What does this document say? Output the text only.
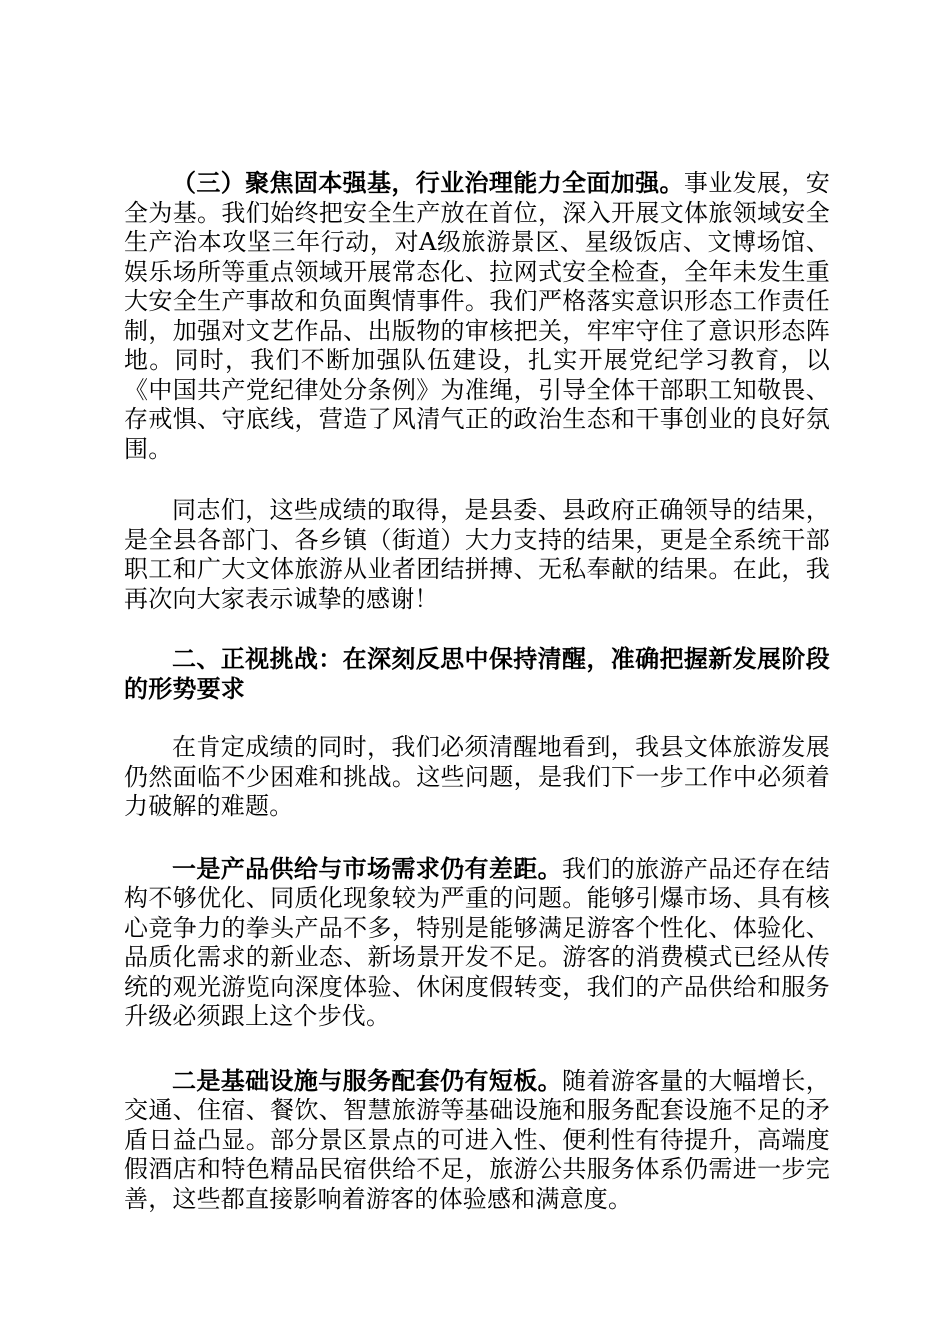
（三）聚焦固本强基，行业治理能力全面加强。事业发展，安全为基。我们始终把安全生产放在首位，深入开展文体旅领域安全生产治本攻坚三年行动，对A级旅游景区、星级饭店、文博场馆、娱乐场所等重点领域开展常态化、拉网式安全检查，全年未发生重大安全生产事故和负面舆情事件。我们严格落实意识形态工作责任制，加强对文艺作品、出版物的审核把关，牢牢守住了意识形态阵地。同时，我们不断加强队伍建设，扎实开展党纪学习教育，以《中国共产党纪律处分条例》为准绳，引导全体干部职工知敬畏、存戒惧、守底线，营造了风清气正的政治生态和干事创业的良好氛围。

同志们，这些成绩的取得，是县委、县政府正确领导的结果，是全县各部门、各乡镇（街道）大力支持的结果，更是全系统干部职工和广大文体旅游从业者团结拼搏、无私奉献的结果。在此，我再次向大家表示诚挚的感谢！

二、正视挑战：在深刻反思中保持清醒，准确把握新发展阶段的形势要求

在肯定成绩的同时，我们必须清醒地看到，我县文体旅游发展仍然面临不少困难和挑战。这些问题，是我们下一步工作中必须着力破解的难题。

一是产品供给与市场需求仍有差距。我们的旅游产品还存在结构不够优化、同质化现象较为严重的问题。能够引爆市场、具有核心竞争力的拳头产品不多，特别是能够满足游客个性化、体验化、品质化需求的新业态、新场景开发不足。游客的消费模式已经从传统的观光游览向深度体验、休闲度假转变，我们的产品供给和服务升级必须跟上这个步伐。

二是基础设施与服务配套仍有短板。随着游客量的大幅增长，交通、住宿、餐饮、智慧旅游等基础设施和服务配套设施不足的矛盾日益凸显。部分景区景点的可进入性、便利性有待提升，高端度假酒店和特色精品民宿供给不足，旅游公共服务体系仍需进一步完善，这些都直接影响着游客的体验感和满意度。
